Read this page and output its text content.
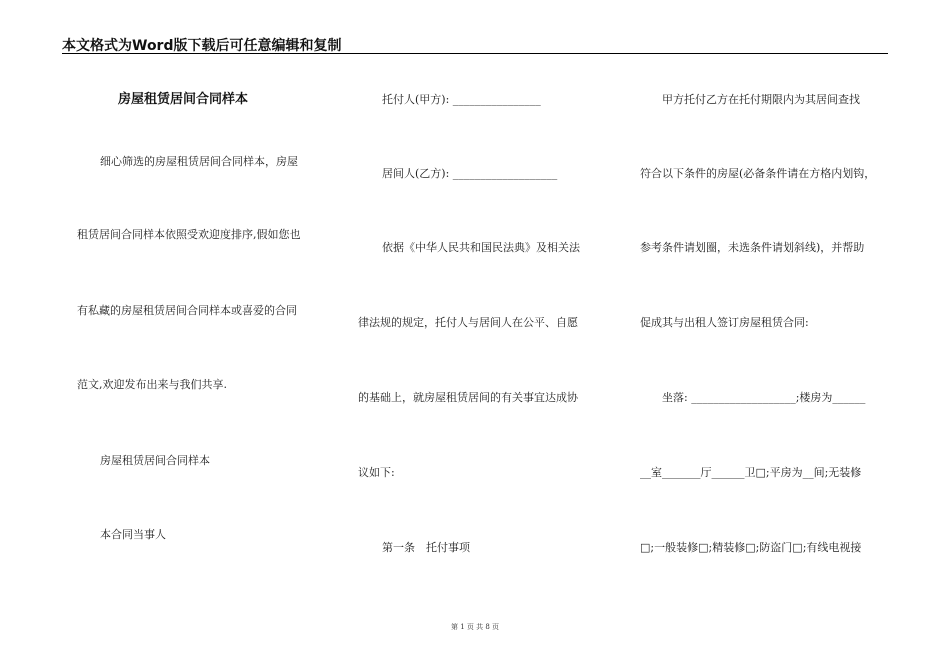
本文格式为Word版下载后可任意编辑和复制
房屋租赁居间合同样本
细心筛选的房屋租赁居间合同样本，房屋
租赁居间合同样本依照受欢迎度排序,假如您也
有私藏的房屋租赁居间合同样本或喜爱的合同
范文,欢迎发布出来与我们共享.
房屋租赁居间合同样本
本合同当事人
托付人(甲方): ________________
居间人(乙方): ___________________
依据《中华人民共和国民法典》及相关法
律法规的规定，托付人与居间人在公平、自愿
的基础上，就房屋租赁居间的有关事宜达成协
议如下:
第一条　托付事项
甲方托付乙方在托付期限内为其居间查找
符合以下条件的房屋(必备条件请在方格内划钩，
参考条件请划圈，未选条件请划斜线)，并帮助
促成其与出租人签订房屋租赁合同:
坐落: ___________________;楼房为______
__室_______厅______卫□;平房为__间;无装修
□;一般装修□;精装修□;防盗门□;有线电视接
第 1 页 共 8 页
